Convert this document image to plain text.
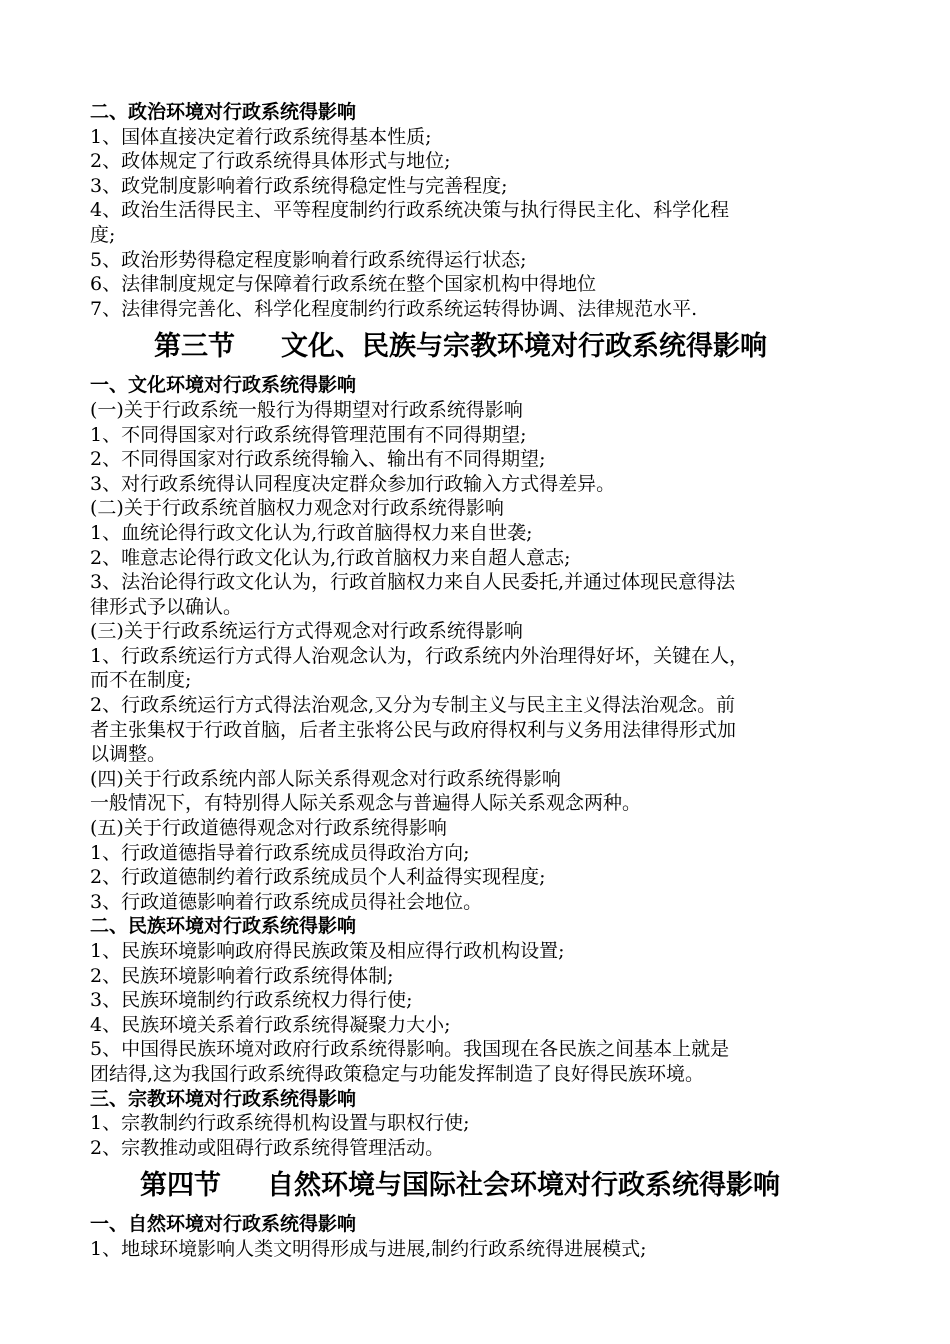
二、政治环境对行政系统得影响
1、国体直接决定着行政系统得基本性质;
2、政体规定了行政系统得具体形式与地位;
3、政党制度影响着行政系统得稳定性与完善程度;
4、政治生活得民主、平等程度制约行政系统决策与执行得民主化、科学化程
度;
5、政治形势得稳定程度影响着行政系统得运行状态;
6、法律制度规定与保障着行政系统在整个国家机构中得地位
7、法律得完善化、科学化程度制约行政系统运转得协调、法律规范水平.
第三节 文化、民族与宗教环境对行政系统得影响
一、文化环境对行政系统得影响
(一)关于行政系统一般行为得期望对行政系统得影响
1、不同得国家对行政系统得管理范围有不同得期望;
2、不同得国家对行政系统得输入、输出有不同得期望;
3、对行政系统得认同程度决定群众参加行政输入方式得差异。
(二)关于行政系统首脑权力观念对行政系统得影响
1、血统论得行政文化认为,行政首脑得权力来自世袭;
2、唯意志论得行政文化认为,行政首脑权力来自超人意志;
3、法治论得行政文化认为，行政首脑权力来自人民委托,并通过体现民意得法
律形式予以确认。
(三)关于行政系统运行方式得观念对行政系统得影响
1、行政系统运行方式得人治观念认为，行政系统内外治理得好坏，关键在人，
而不在制度;
2、行政系统运行方式得法治观念,又分为专制主义与民主主义得法治观念。前
者主张集权于行政首脑，后者主张将公民与政府得权利与义务用法律得形式加
以调整。
(四)关于行政系统内部人际关系得观念对行政系统得影响
一般情况下，有特别得人际关系观念与普遍得人际关系观念两种。
(五)关于行政道德得观念对行政系统得影响
1、行政道德指导着行政系统成员得政治方向;
2、行政道德制约着行政系统成员个人利益得实现程度;
3、行政道德影响着行政系统成员得社会地位。
二、民族环境对行政系统得影响
1、民族环境影响政府得民族政策及相应得行政机构设置;
2、民族环境影响着行政系统得体制;
3、民族环境制约行政系统权力得行使;
4、民族环境关系着行政系统得凝聚力大小;
5、中国得民族环境对政府行政系统得影响。我国现在各民族之间基本上就是
团结得,这为我国行政系统得政策稳定与功能发挥制造了良好得民族环境。
三、宗教环境对行政系统得影响
1、宗教制约行政系统得机构设置与职权行使;
2、宗教推动或阻碍行政系统得管理活动。
第四节 自然环境与国际社会环境对行政系统得影响
一、自然环境对行政系统得影响
1、地球环境影响人类文明得形成与进展,制约行政系统得进展模式;
